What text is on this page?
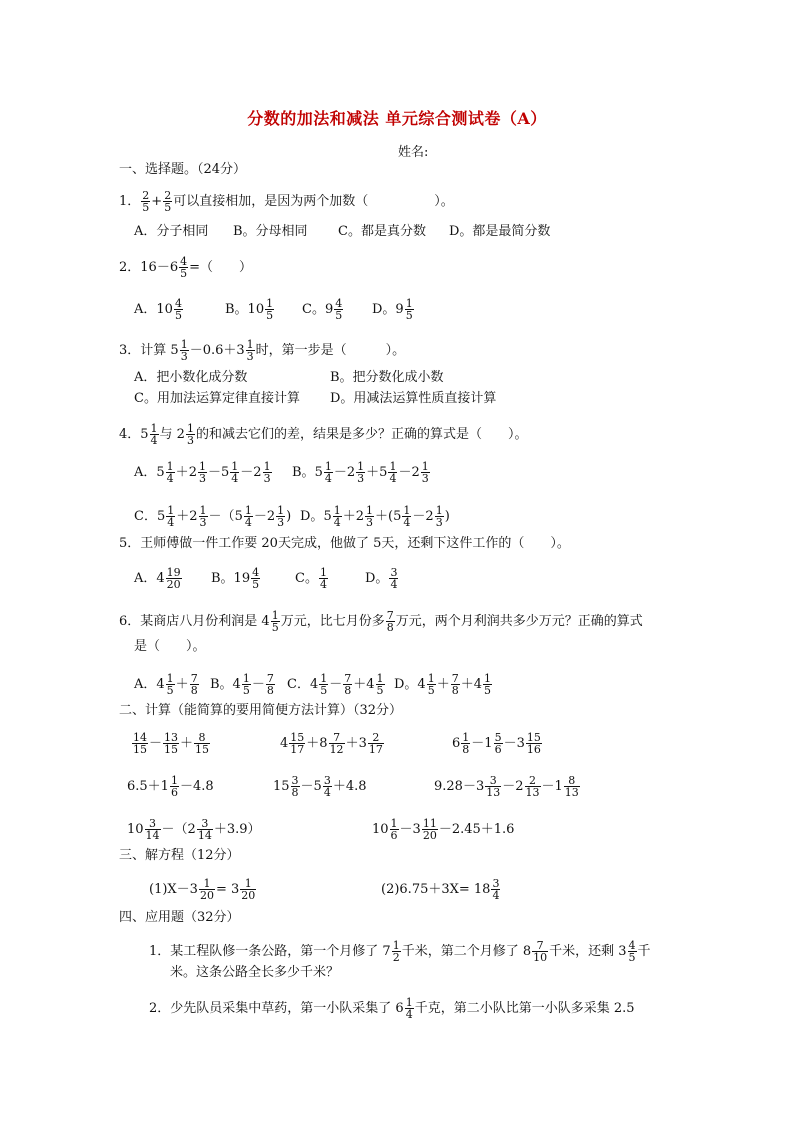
分数的加法和减法 单元综合测试卷（A）
姓名:
一、选择题。（24分）
1． $\frac{2}{5} + \frac{2}{5}$ 可以直接相加，是因为两个加数（	）。
A．分子相同 B。分母相同 C。都是真分数 D。都是最简分数
2．$16-6 \frac{4}{5}$ =（　　）
A．$10 \frac{4}{5}$	B。$10 \frac{1}{5}$ C。$9 \frac{4}{5}$ D。$9 \frac{1}{5}$
3．计算 $5 \frac{1}{3} -0.6+3 \frac{1}{3}$ 时，第一步是（　　　）。
A．把小数化成分数	B。把分数化成小数
C。用加法运算定律直接计算 D。用减法运算性质直接计算
4．$5 \frac{1}{4}$ 与 $2 \frac{1}{3}$ 的和减去它们的差，结果是多少？正确的算式是（　　）。
A．$5 \frac{1}{4} +2 \frac{1}{3} -5 \frac{1}{4} -2 \frac{1}{3}$ B。$5 \frac{1}{4} -2 \frac{1}{3} +5 \frac{1}{4} -2 \frac{1}{3}$
C．$5 \frac{1}{4} +2 \frac{1}{3} -(5 \frac{1}{4} -2 \frac{1}{3}$ ) D。$5 \frac{1}{4} +2 \frac{1}{3} +(5 \frac{1}{4} -2 \frac{1}{3}$ )
5．王师傅做一件工作要 20天完成，他做了 5天，还剩下这件工作的（　　）。
A．$4 \frac{19}{20}$ B。$19 \frac{4}{5}$	C。 $\frac{1}{4}$	D。 $\frac{3}{4}$
6．某商店八月份利润是 $4 \frac{1}{5}$ 万元，比七月份多 $\frac{7}{8}$ 万元，两个月利润共多少万元？正确的算式
是（　　）。
A．$4 \frac{1}{5} + \frac{7}{8}$ B。$4 \frac{1}{5} - \frac{7}{8}$ C．$4 \frac{1}{5} - \frac{7}{8} +4 \frac{1}{5}$ D。$4 \frac{1}{5} + \frac{7}{8} +4 \frac{1}{5}$
二、计算（能简算的要用简便方法计算）（32分）
$\frac{14}{15} - \frac{13}{15} + \frac{8}{15}$	$4 \frac{15}{17} +8 \frac{7}{12} +3 \frac{2}{17}$	$6 \frac{1}{8} -1 \frac{5}{6} -3 \frac{15}{16}$
$6.5+1 \frac{1}{6} -4.8$	$15 \frac{3}{8} -5 \frac{3}{4} +4.8$	$9.28-3 \frac{3}{13} -2 \frac{2}{13} -1 \frac{8}{13}$
$10 \frac{3}{14} -(2 \frac{3}{14} +3.9)$	$10 \frac{1}{6} -3 \frac{11}{20} -2.45+1.6$
三、解方程（12分）
$(1)X-3 \frac{1}{20} = 3 \frac{1}{20}$	$(2)6.75+3X= 18 \frac{3}{4}$
四、应用题（32分）
1．某工程队修一条公路，第一个月修了 $7 \frac{1}{2}$ 千米，第二个月修了 $8 \frac{7}{10}$ 千米，还剩 $3 \frac{4}{5}$ 千
米。这条公路全长多少千米？
2．少先队员采集中草药，第一小队采集了 $6 \frac{1}{4}$ 千克，第二小队比第一小队多采集 2.5
